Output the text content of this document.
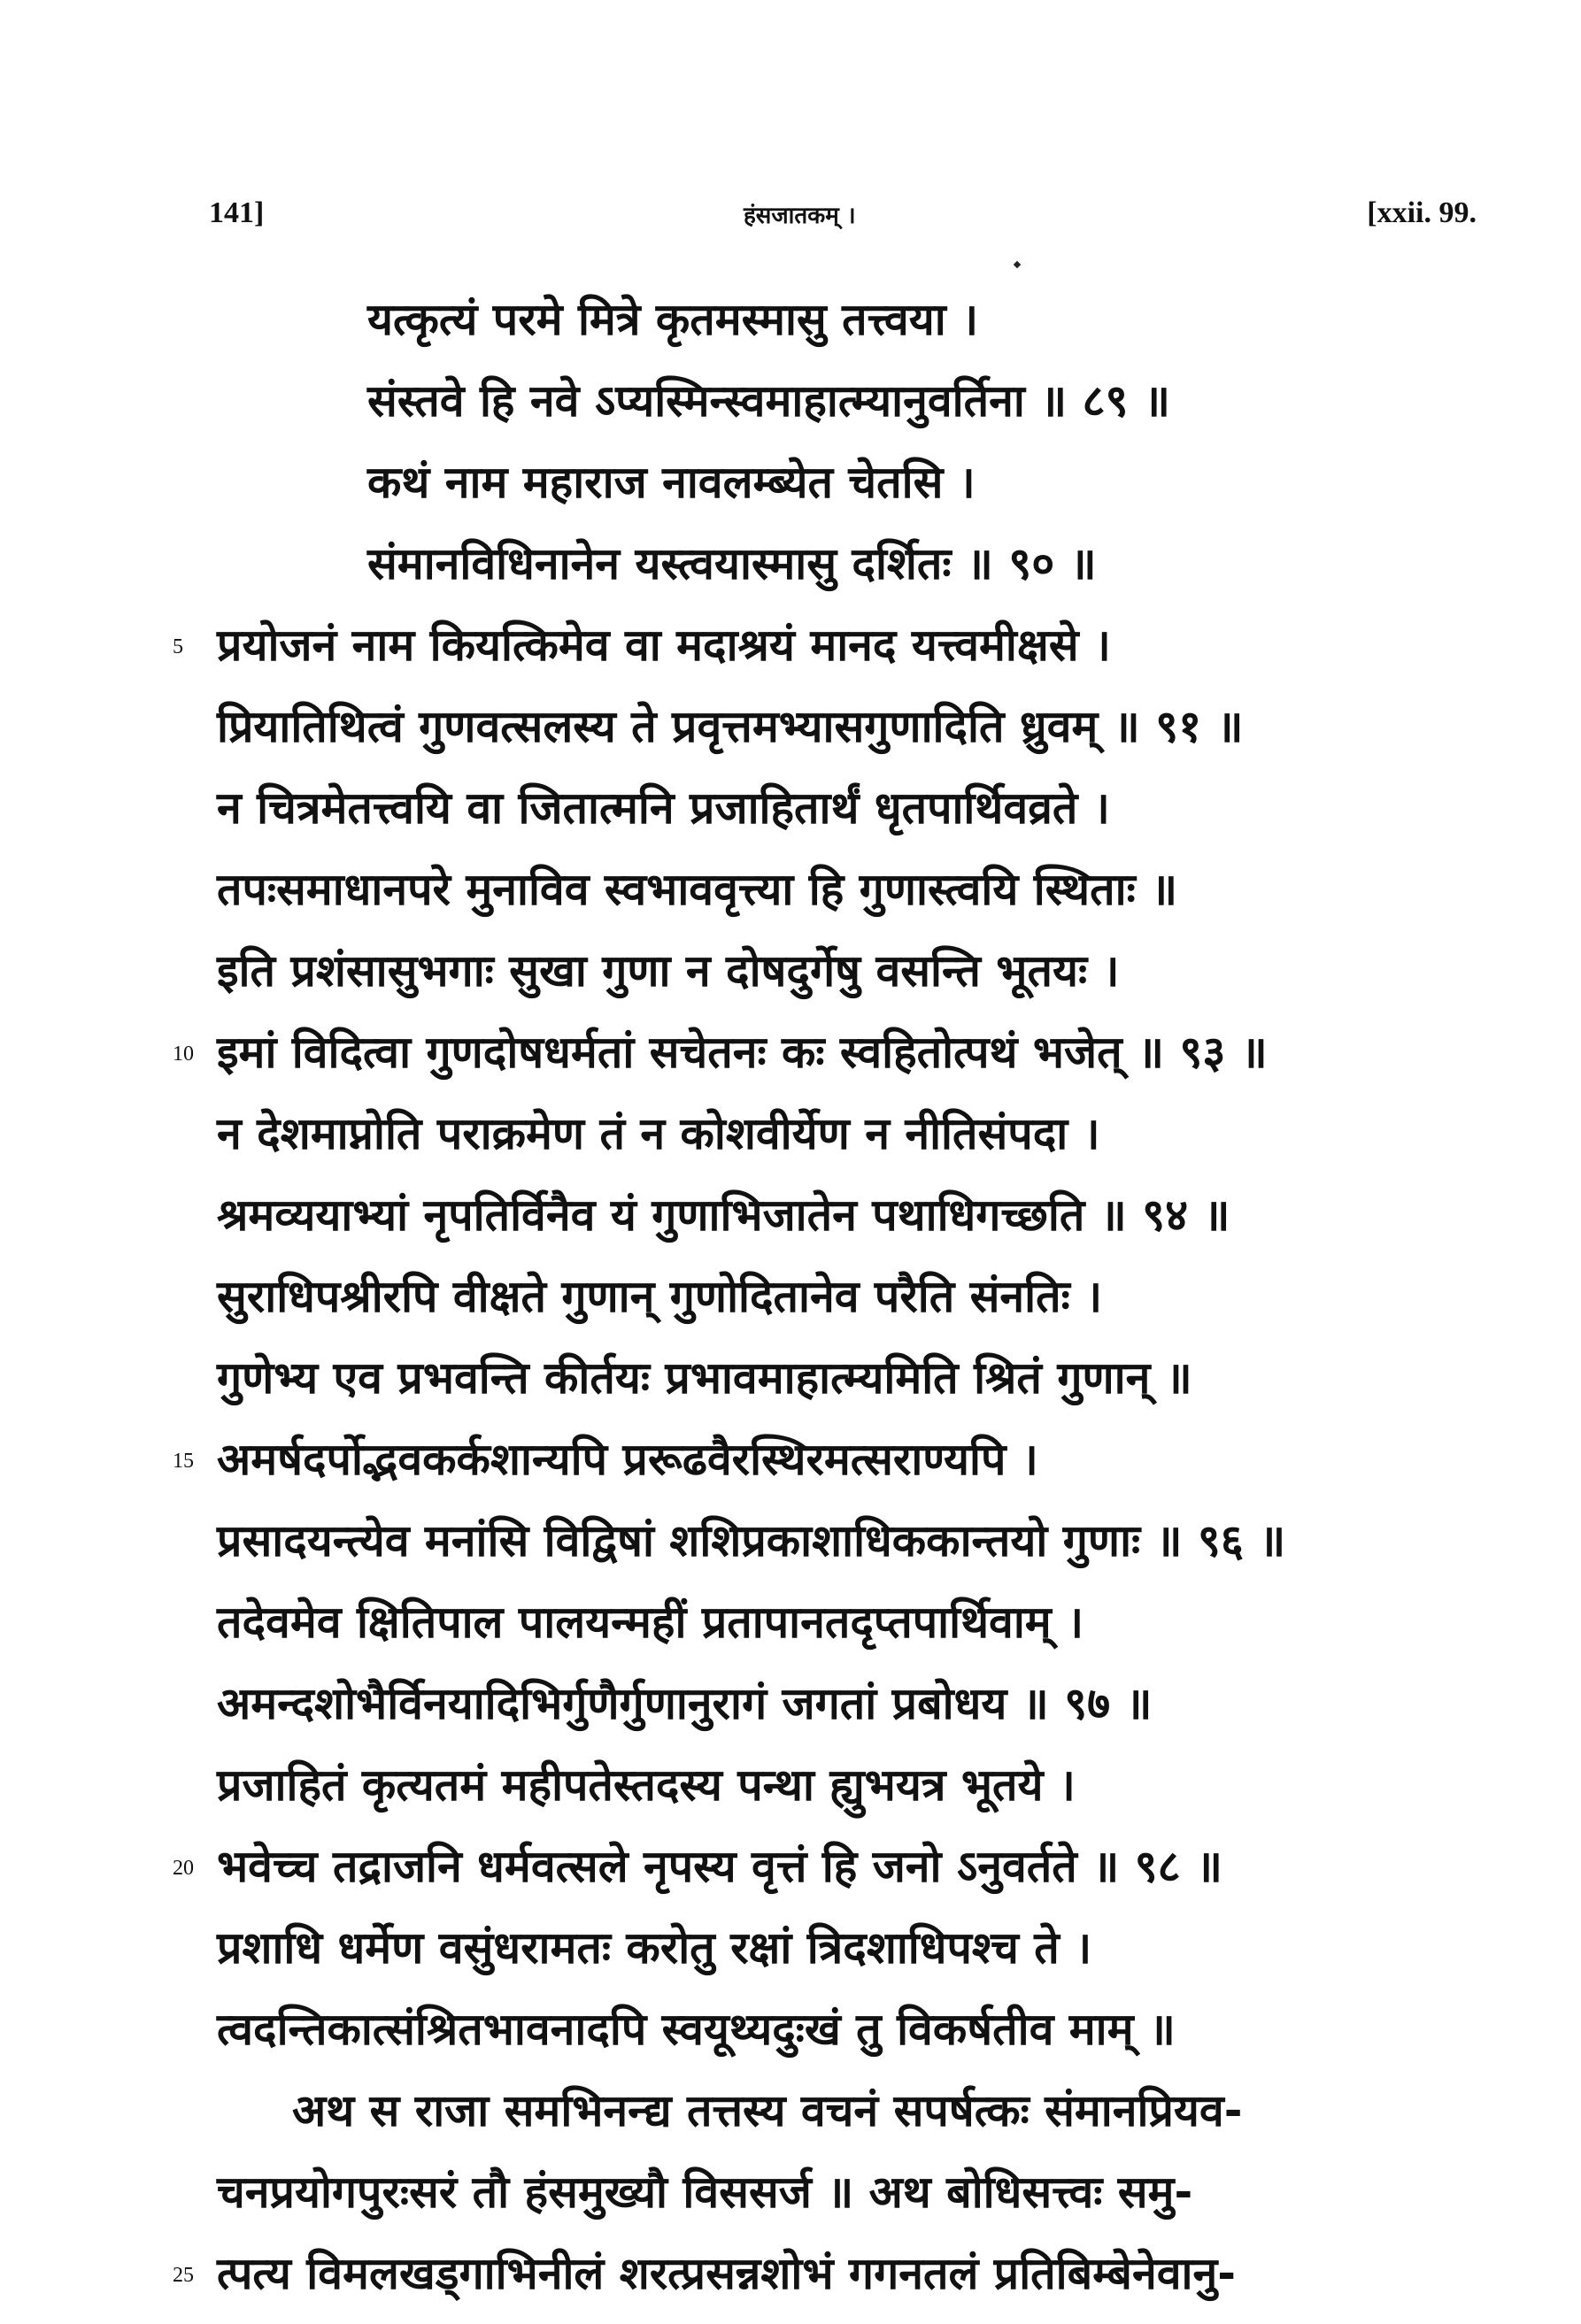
141]	हंसजातकम् ।	[xxii. 99.
यत्कृत्यं परमे मित्रे कृतमस्मासु तत्त्वया ।
संस्तवे हि नवे ऽप्यस्मिन्स्वमाहात्म्यानुवर्तिना ॥ ८९ ॥
कथं नाम महाराज नावलम्ब्येत चेतसि ।
संमानविधिनानेन यस्त्वयास्मासु दर्शितः ॥ ९० ॥
5 प्रयोजनं नाम कियत्किमेव वा मदाश्रयं मानद यत्त्वमीक्षसे ।
प्रियातिथित्वं गुणवत्सलस्य ते प्रवृत्तमभ्यासगुणादिति ध्रुवम् ॥ ९१ ॥
न चित्रमेतत्त्वयि वा जितात्मनि प्रजाहितार्थं धृतपार्थिवव्रते ।
तपःसमाधानपरे मुनाविव स्वभाववृत्त्या हि गुणास्त्वयि स्थिताः ॥
इति प्रशंसासुभगाः सुखा गुणा न दोषदुर्गेषु वसन्ति भूतयः ।
10 इमां विदित्वा गुणदोषधर्मतां सचेतनः कः स्वहितोत्पथं भजेत् ॥ ९३ ॥
न देशमाप्नोति पराक्रमेण तं न कोशवीर्येण न नीतिसंपदा ।
श्रमव्ययाभ्यां नृपतिर्विनैव यं गुणाभिजातेन पथाधिगच्छति ॥ ९४ ॥
सुराधिपश्रीरपि वीक्षते गुणान् गुणोदितानेव परैति संनतिः ।
गुणेभ्य एव प्रभवन्ति कीर्तयः प्रभावमाहात्म्यमिति श्रितं गुणान् ॥
15 अमर्षदर्पोद्भवकर्कशान्यपि प्ररूढवैरस्थिरमत्सराण्यपि ।
प्रसादयन्त्येव मनांसि विद्विषां शशिप्रकाशाधिककान्तयो गुणाः ॥ ९६ ॥
तदेवमेव क्षितिपाल पालयन्महीं प्रतापानतदृप्तपार्थिवाम् ।
अमन्दशोभैर्विनयादिभिर्गुणैर्गुणानुरागं जगतां प्रबोधय ॥ ९७ ॥
प्रजाहितं कृत्यतमं महीपतेस्तदस्य पन्था ह्युभयत्र भूतये ।
20 भवेच्च तद्राजनि धर्मवत्सले नृपस्य वृत्तं हि जनो ऽनुवर्तते ॥ ९८ ॥
प्रशाधि धर्मेण वसुंधरामतः करोतु रक्षां त्रिदशाधिपश्च ते ।
त्वदन्तिकात्संश्रितभावनादपि स्वयूथ्यदुःखं तु विकर्षतीव माम् ॥
अथ स राजा समभिनन्द्य तत्तस्य वचनं सपर्षत्कः संमानप्रियव-
चनप्रयोगपुरःसरं तौ हंसमुख्यौ विससर्ज ॥ अथ बोधिसत्त्वः समु-
25 त्पत्य विमलखड्गाभिनीलं शरत्प्रसन्नशोभं गगनतलं प्रतिबिम्बेनेवानु-
